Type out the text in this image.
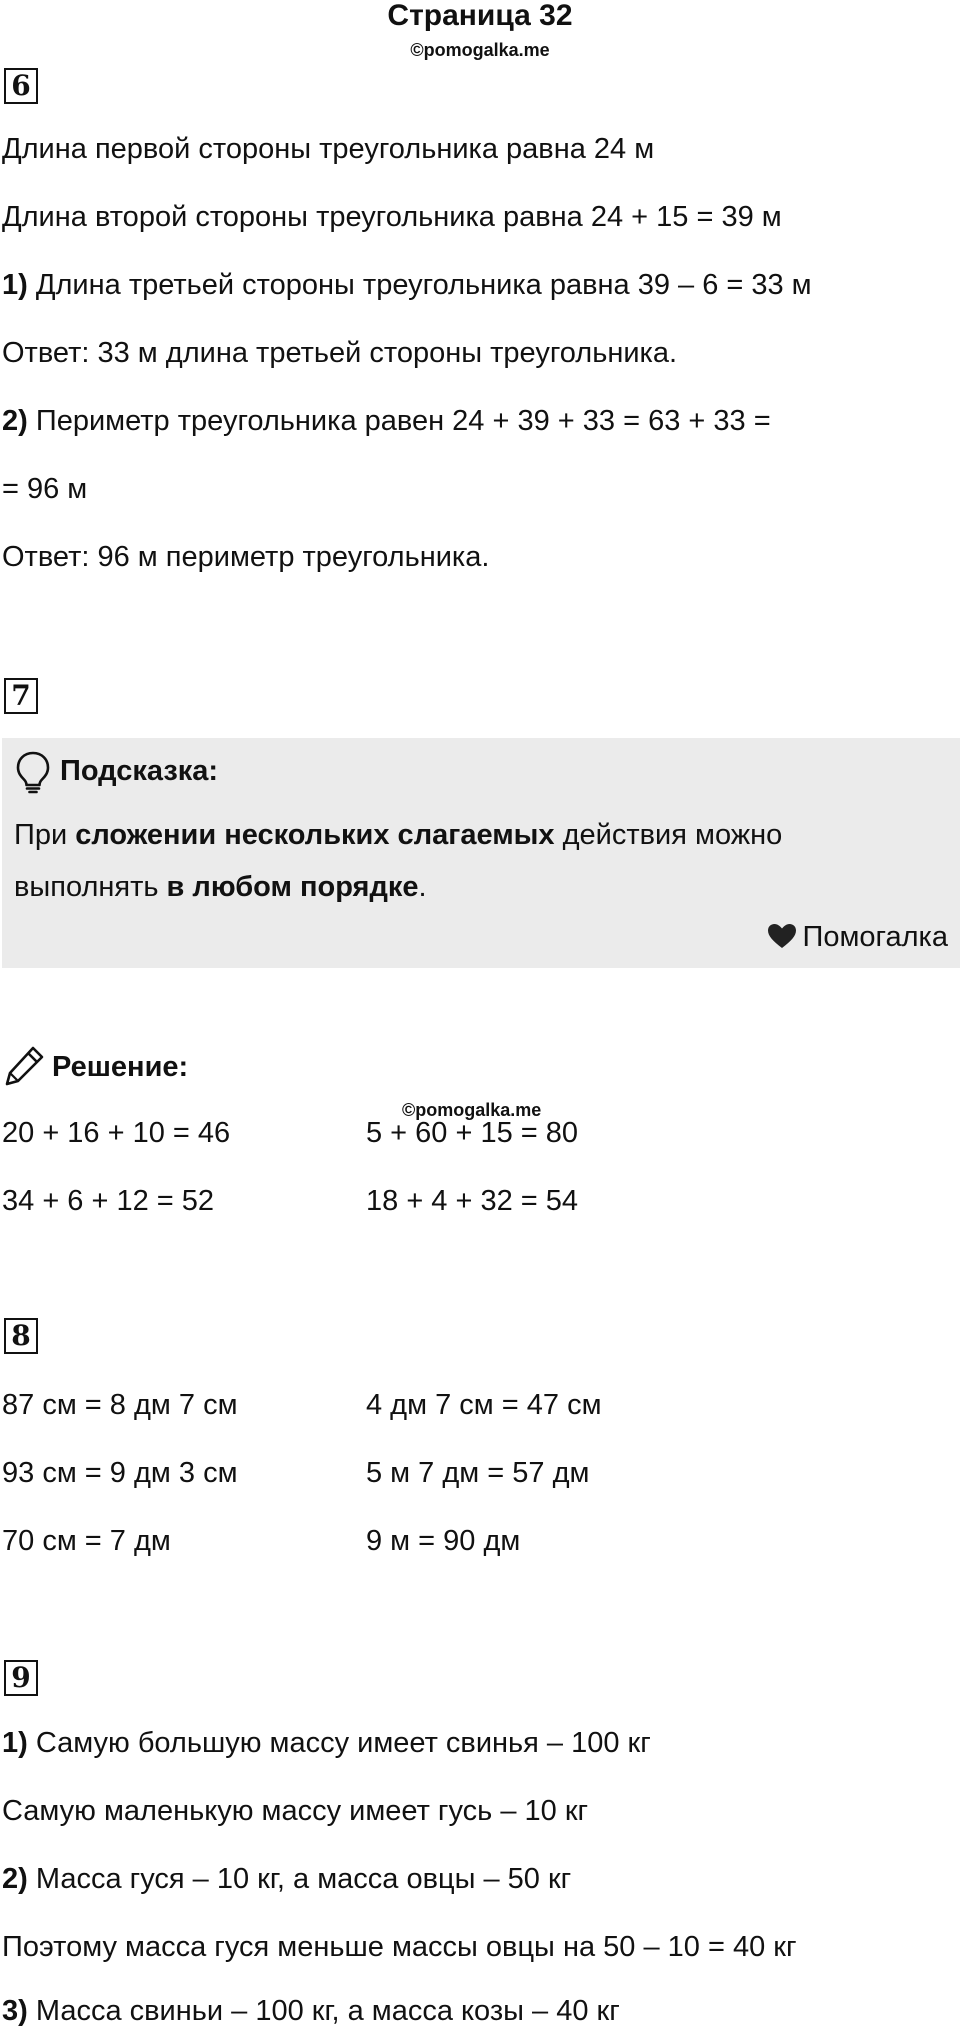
Страница 32
©pomogalka.me
6
Длина первой стороны треугольника равна 24 м
Длина второй стороны треугольника равна 24 + 15 = 39 м
1) Длина третьей стороны треугольника равна 39 – 6 = 33 м
Ответ: 33 м длина третьей стороны треугольника.
2) Периметр треугольника равен 24 + 39 + 33 = 63 + 33 =
= 96 м
Ответ: 96 м периметр треугольника.
7
Подсказка:
При сложении нескольких слагаемых действия можно
выполнять в любом порядке.
Помогалка
Решение:
©pomogalka.me
20 + 16 + 10 = 46	5 + 60 + 15 = 80
34 + 6 + 12 = 52	18 + 4 + 32 = 54
8
87 см = 8 дм 7 см	4 дм 7 см = 47 см
93 см = 9 дм 3 см	5 м 7 дм = 57 дм
70 см = 7 дм	9 м = 90 дм
9
1) Самую большую массу имеет свинья – 100 кг
Самую маленькую массу имеет гусь – 10 кг
2) Масса гуся – 10 кг, а масса овцы – 50 кг
Поэтому масса гуся меньше массы овцы на 50 – 10 = 40 кг
3) Масса свиньи – 100 кг, а масса козы – 40 кг
